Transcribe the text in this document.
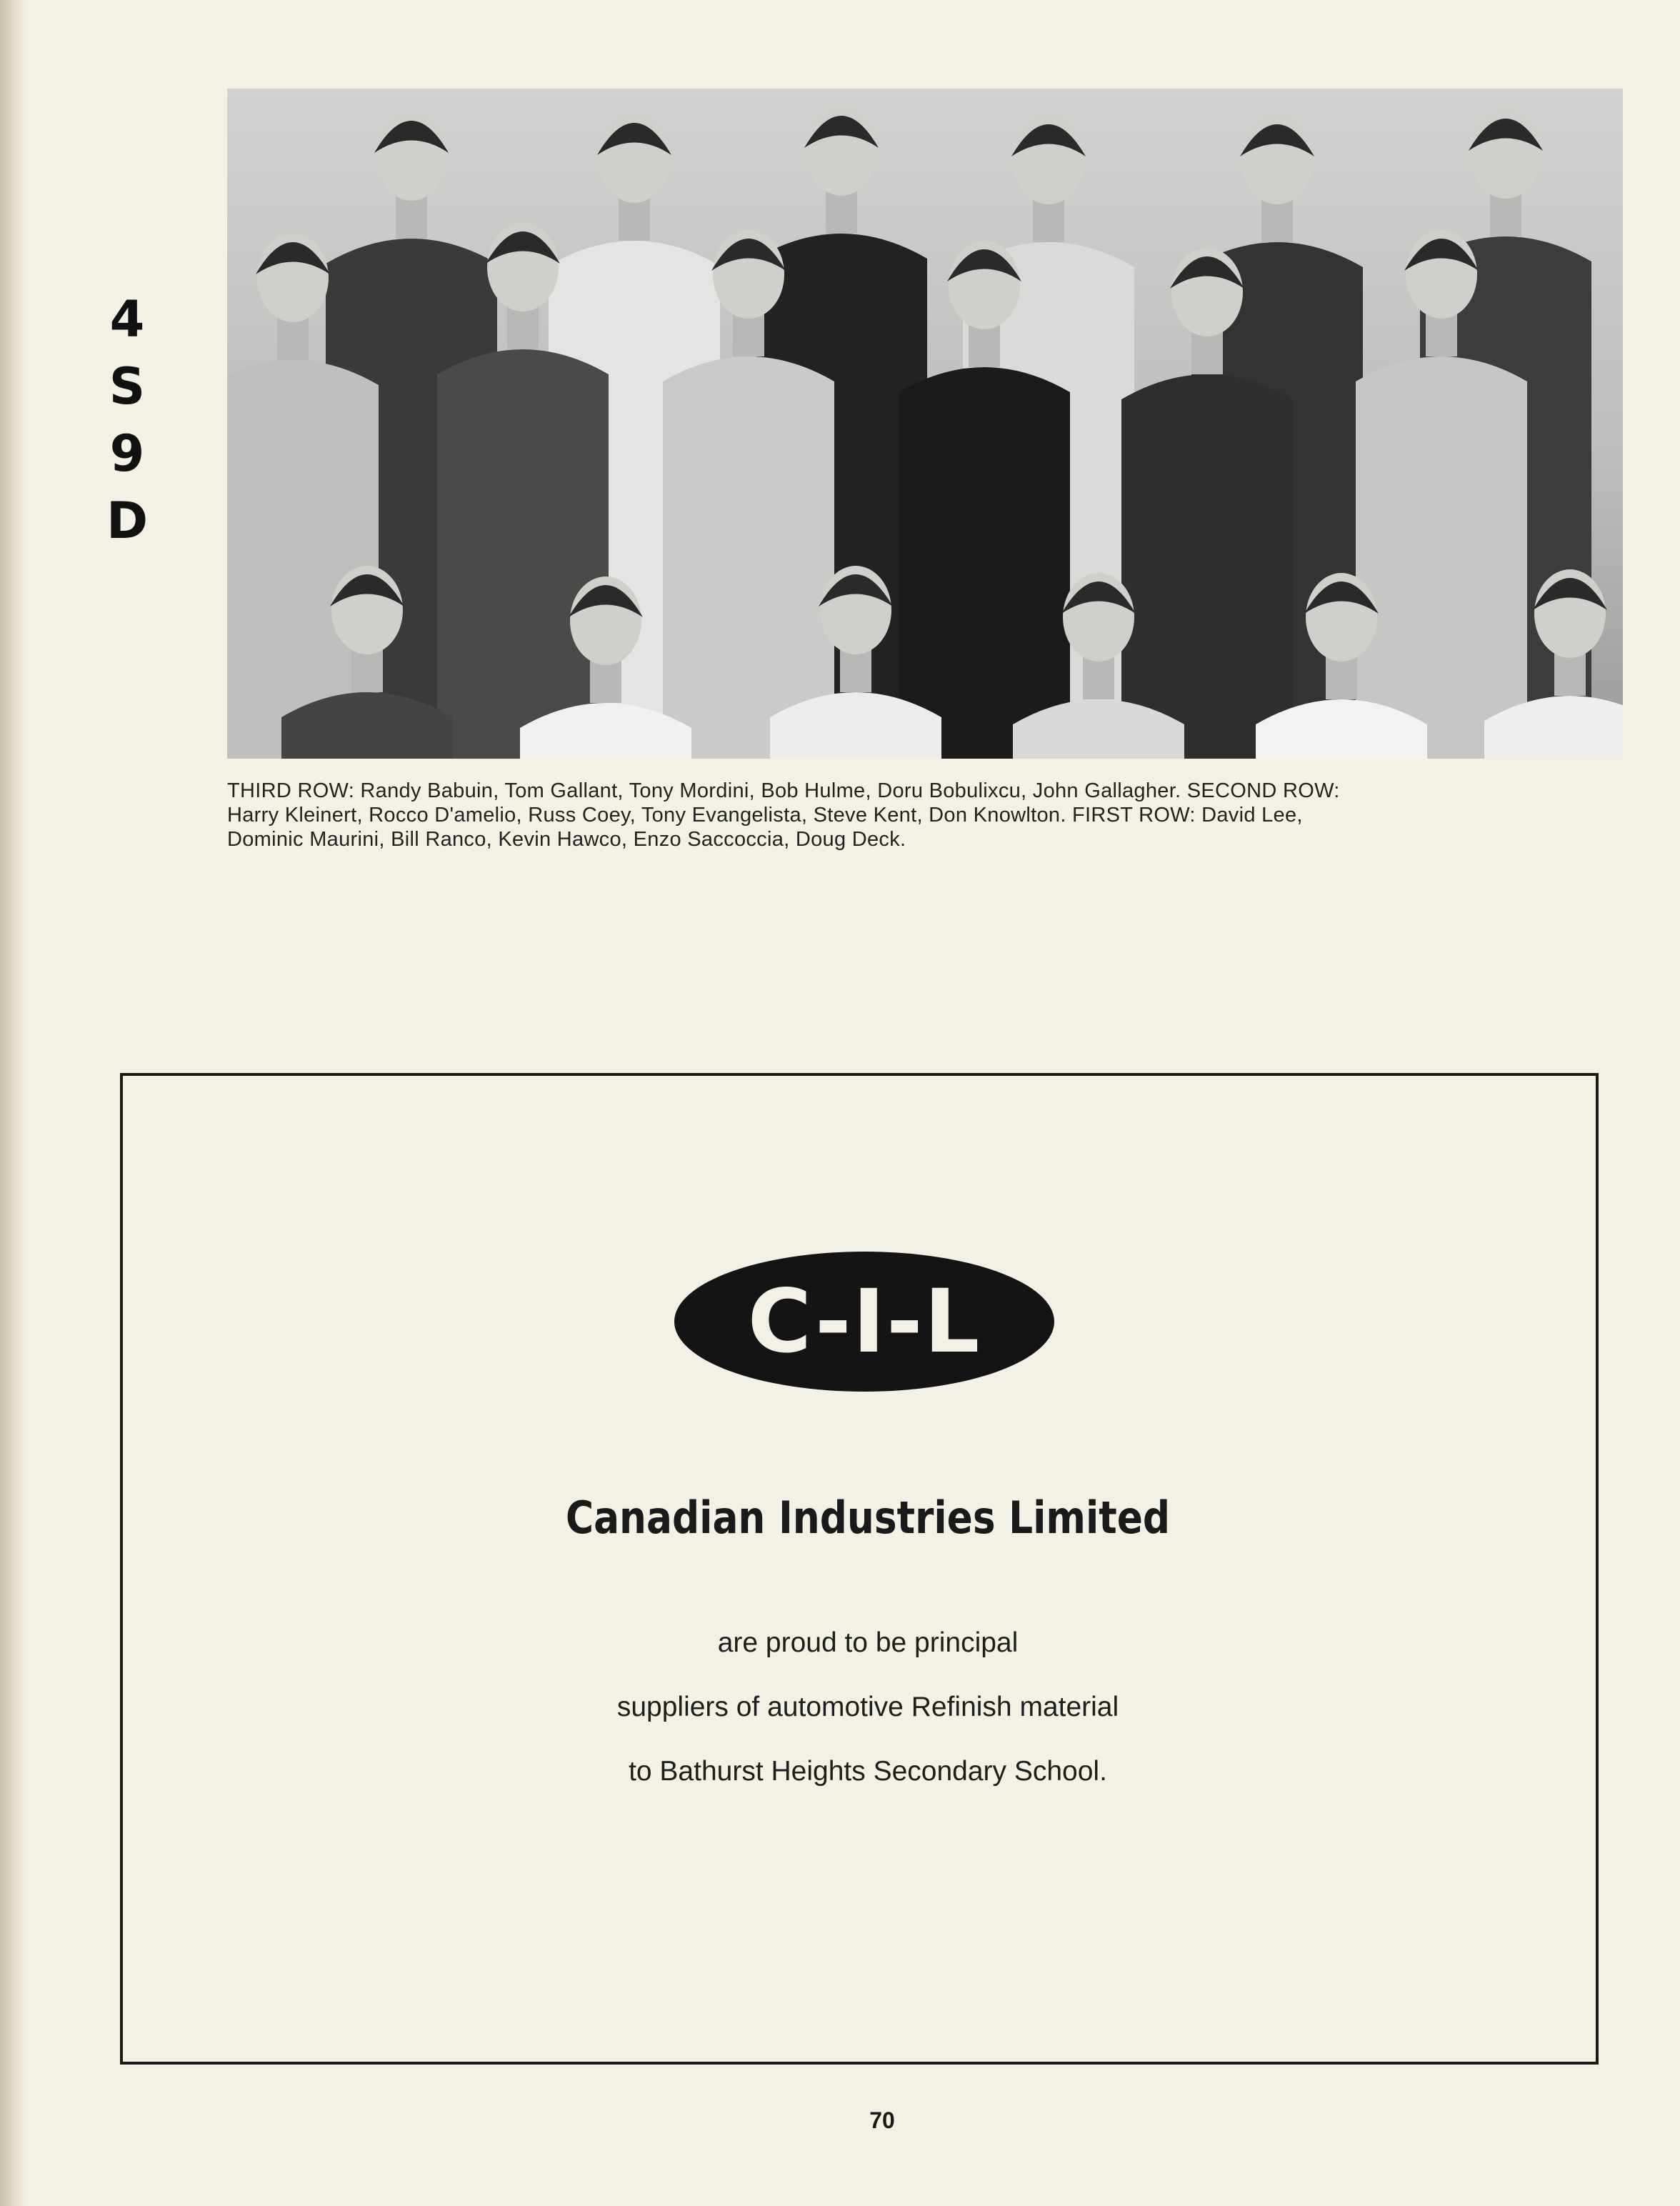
4
S
9
D
THIRD ROW: Randy Babuin, Tom Gallant, Tony Mordini, Bob Hulme, Doru Bobulixcu, John Gallagher. SECOND ROW:
Harry Kleinert, Rocco D'amelio, Russ Coey, Tony Evangelista, Steve Kent, Don Knowlton. FIRST ROW: David Lee,
Dominic Maurini, Bill Ranco, Kevin Hawco, Enzo Saccoccia, Doug Deck.
C-I-L
Canadian Industries Limited
are proud to be principal
suppliers of automotive Refinish material
to Bathurst Heights Secondary School.
70
